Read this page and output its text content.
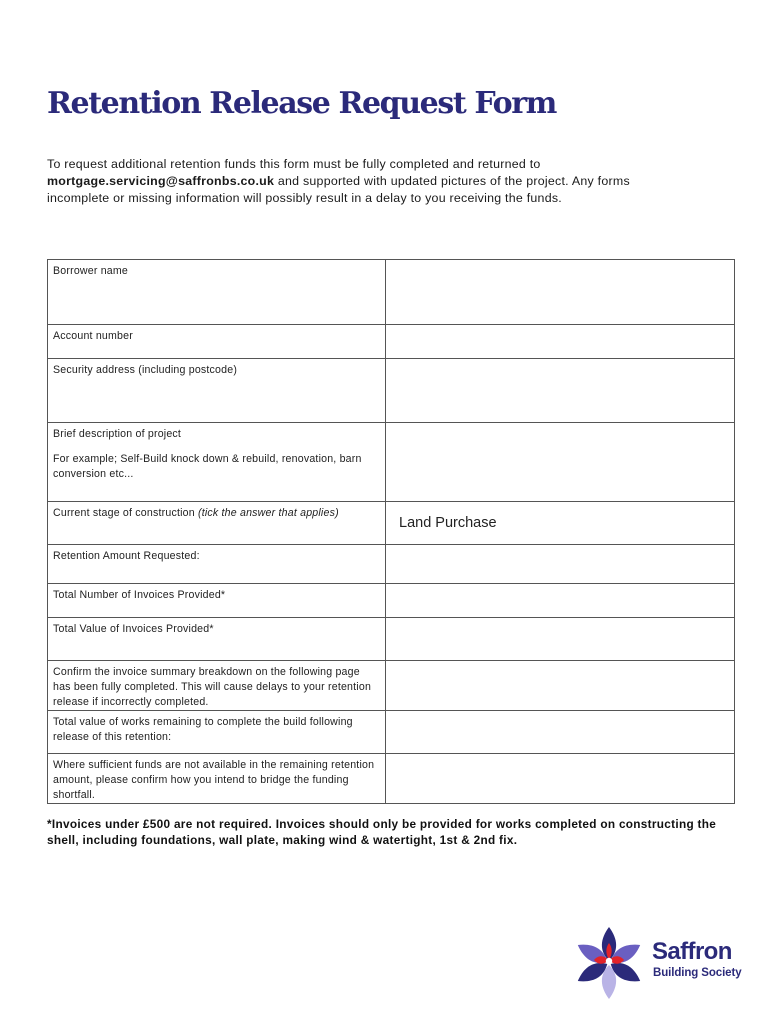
Retention Release Request Form

To request additional retention funds this form must be fully completed and returned to
mortgage.servicing@saffronbs.co.uk and supported with updated pictures of the project. Any forms
incomplete or missing information will possibly result in a delay to you receiving the funds.

Borrower name	

Account number	

Security address (including postcode)	

Brief description of project
For example; Self-Build knock down & rebuild, renovation, barn conversion etc...	

Current stage of construction (tick the answer that applies)	Land Purchase

Retention Amount Requested:	

Total Number of Invoices Provided*	

Total Value of Invoices Provided*	

Confirm the invoice summary breakdown on the following page has been fully completed. This will cause delays to your retention release if incorrectly completed.	

Total value of works remaining to complete the build following release of this retention:	

Where sufficient funds are not available in the remaining retention amount, please confirm how you intend to bridge the funding shortfall.	

*Invoices under £500 are not required. Invoices should only be provided for works completed on constructing the shell, including foundations, wall plate, making wind & watertight, 1st & 2nd fix.

Saffron
Building Society
